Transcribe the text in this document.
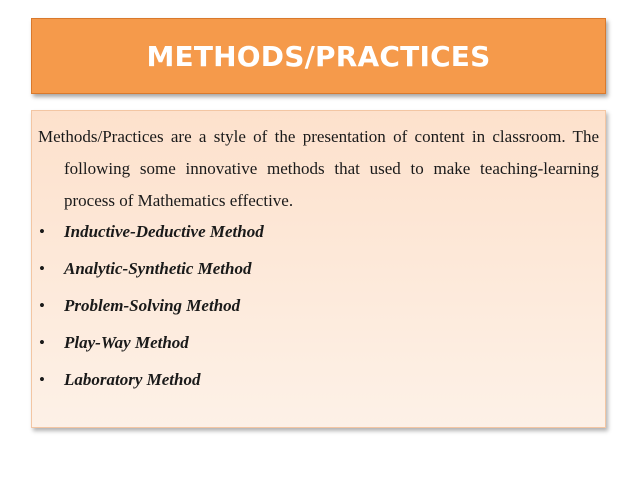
METHODS/PRACTICES

Methods/Practices are a style of the presentation of content in classroom. The following some innovative methods that used to make teaching-learning process of Mathematics effective.

•	Inductive-Deductive Method
•	Analytic-Synthetic Method
•	Problem-Solving Method
•	Play-Way Method
•	Laboratory Method
